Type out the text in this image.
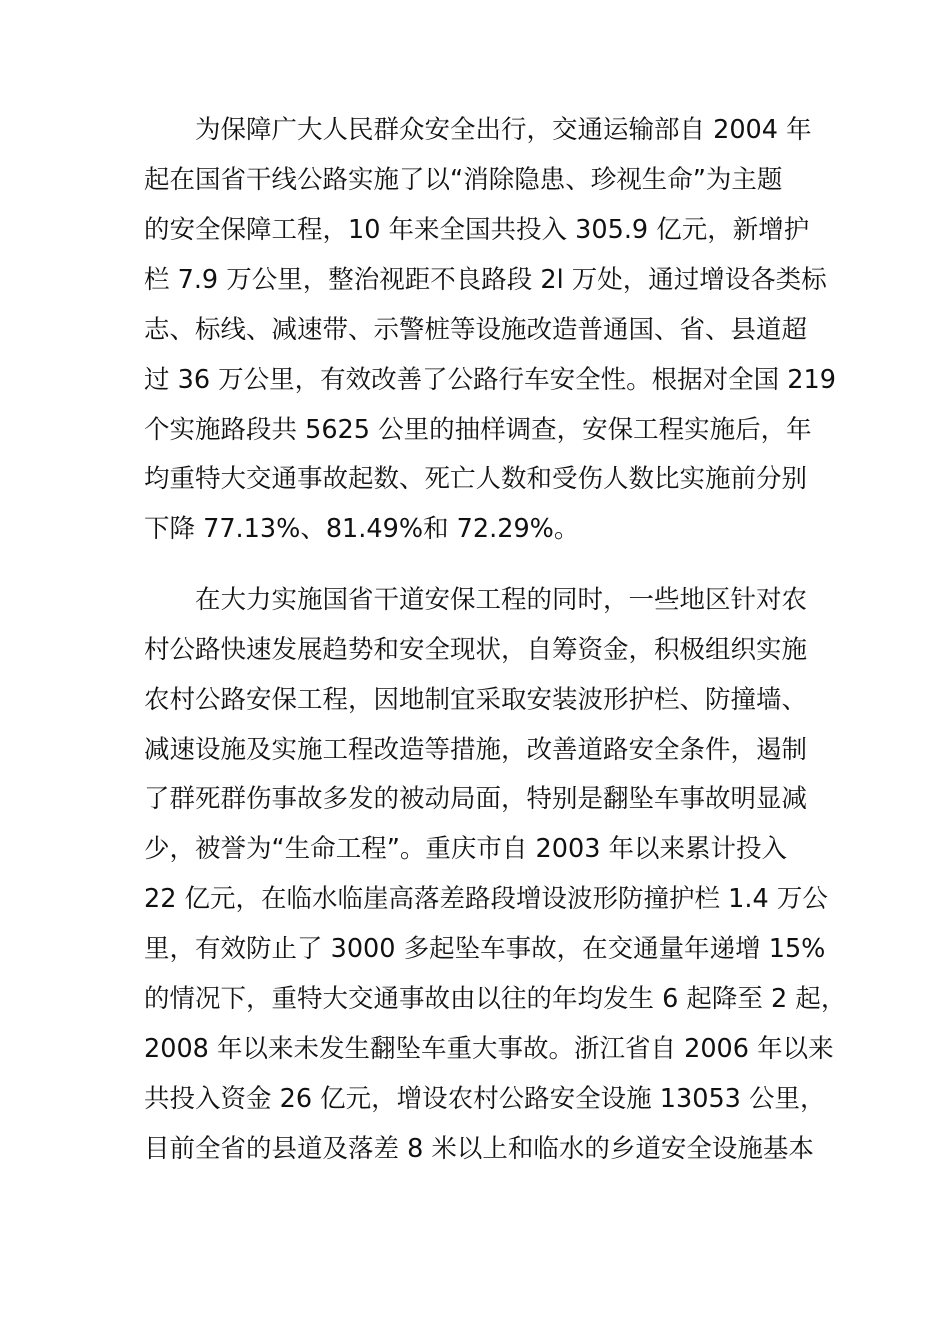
为保障广大人民群众安全出行，交通运输部自 2004 年
起在国省干线公路实施了以“消除隐患、珍视生命”为主题
的安全保障工程，10 年来全国共投入 305.9 亿元，新增护
栏 7.9 万公里，整治视距不良路段 2l 万处，通过增设各类标
志、标线、减速带、示警桩等设施改造普通国、省、县道超
过 36 万公里，有效改善了公路行车安全性。根据对全国 219
个实施路段共 5625 公里的抽样调查，安保工程实施后，年
均重特大交通事故起数、死亡人数和受伤人数比实施前分别
下降 77.13%、81.49%和 72.29%。
在大力实施国省干道安保工程的同时，一些地区针对农
村公路快速发展趋势和安全现状，自筹资金，积极组织实施
农村公路安保工程，因地制宜采取安装波形护栏、防撞墙、
减速设施及实施工程改造等措施，改善道路安全条件，遏制
了群死群伤事故多发的被动局面，特别是翻坠车事故明显减
少，被誉为“生命工程”。重庆市自 2003 年以来累计投入
22 亿元，在临水临崖高落差路段增设波形防撞护栏 1.4 万公
里，有效防止了 3000 多起坠车事故，在交通量年递增 15%
的情况下，重特大交通事故由以往的年均发生 6 起降至 2 起，
2008 年以来未发生翻坠车重大事故。浙江省自 2006 年以来
共投入资金 26 亿元，增设农村公路安全设施 13053 公里，
目前全省的县道及落差 8 米以上和临水的乡道安全设施基本
